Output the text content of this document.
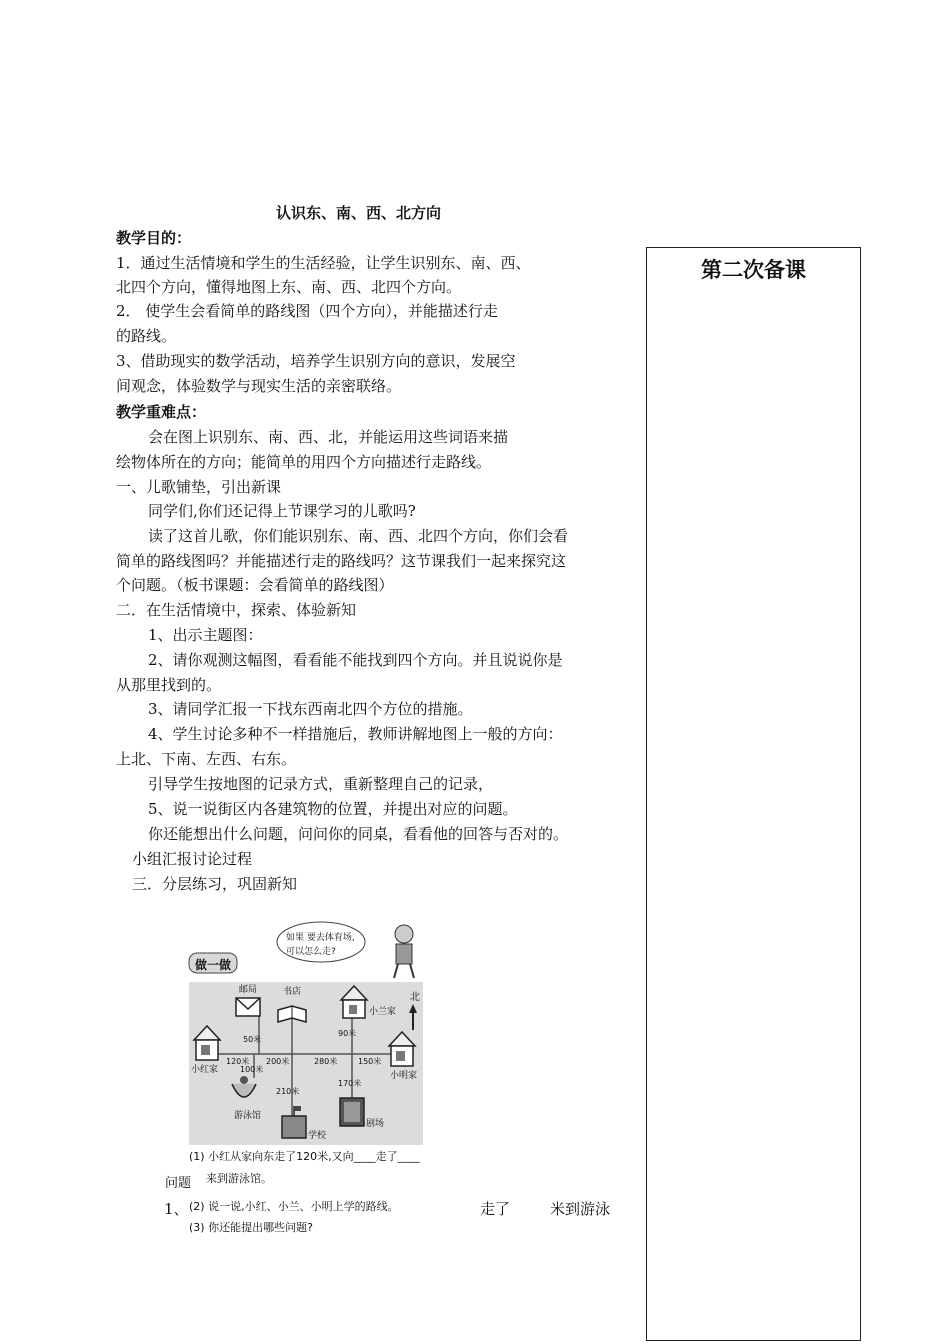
认识东、南、西、北方向
教学目的：
1．通过生活情境和学生的生活经验，让学生识别东、南、西、
北四个方向，懂得地图上东、南、西、北四个方向。
2． 使学生会看简单的路线图（四个方向），并能描述行走
的路线。
3、借助现实的数学活动，培养学生识别方向的意识，发展空
间观念，体验数学与现实生活的亲密联络。
教学重难点：
会在图上识别东、南、西、北，并能运用这些词语来描
绘物体所在的方向；能简单的用四个方向描述行走路线。
一、儿歌铺垫，引出新课
同学们,你们还记得上节课学习的儿歌吗?
读了这首儿歌，你们能识别东、南、西、北四个方向，你们会看
简单的路线图吗？并能描述行走的路线吗？这节课我们一起来探究这
个问题。（板书课题：会看简单的路线图）
二．在生活情境中，探索、体验新知
1、出示主题图：
2、请你观测这幅图，看看能不能找到四个方向。并且说说你是
从那里找到的。
3、请同学汇报一下找东西南北四个方位的措施。
4、学生讨论多种不一样措施后，教师讲解地图上一般的方向：
上北、下南、左西、右东。
引导学生按地图的记录方式，重新整理自己的记录，
5、说一说街区内各建筑物的位置，并提出对应的问题。
你还能想出什么问题，问问你的同桌，看看他的回答与否对的。
小组汇报讨论过程
三．分层练习，巩固新知
第二次备课
做一做
如果 要去体育场,
可以怎么走?
北
邮局	书店
小兰家
小红家
小明家
游泳馆
学校
剧场
120米 200米	280米	150米
50米
100米
210米
90米
170米
(1) 小红从家向东走了120米,又向____走了____
来到游泳馆。
(2) 说一说,小红、小兰、小明上学的路线。
(3) 你还能提出哪些问题?
问题
1、	走了	米到游泳
